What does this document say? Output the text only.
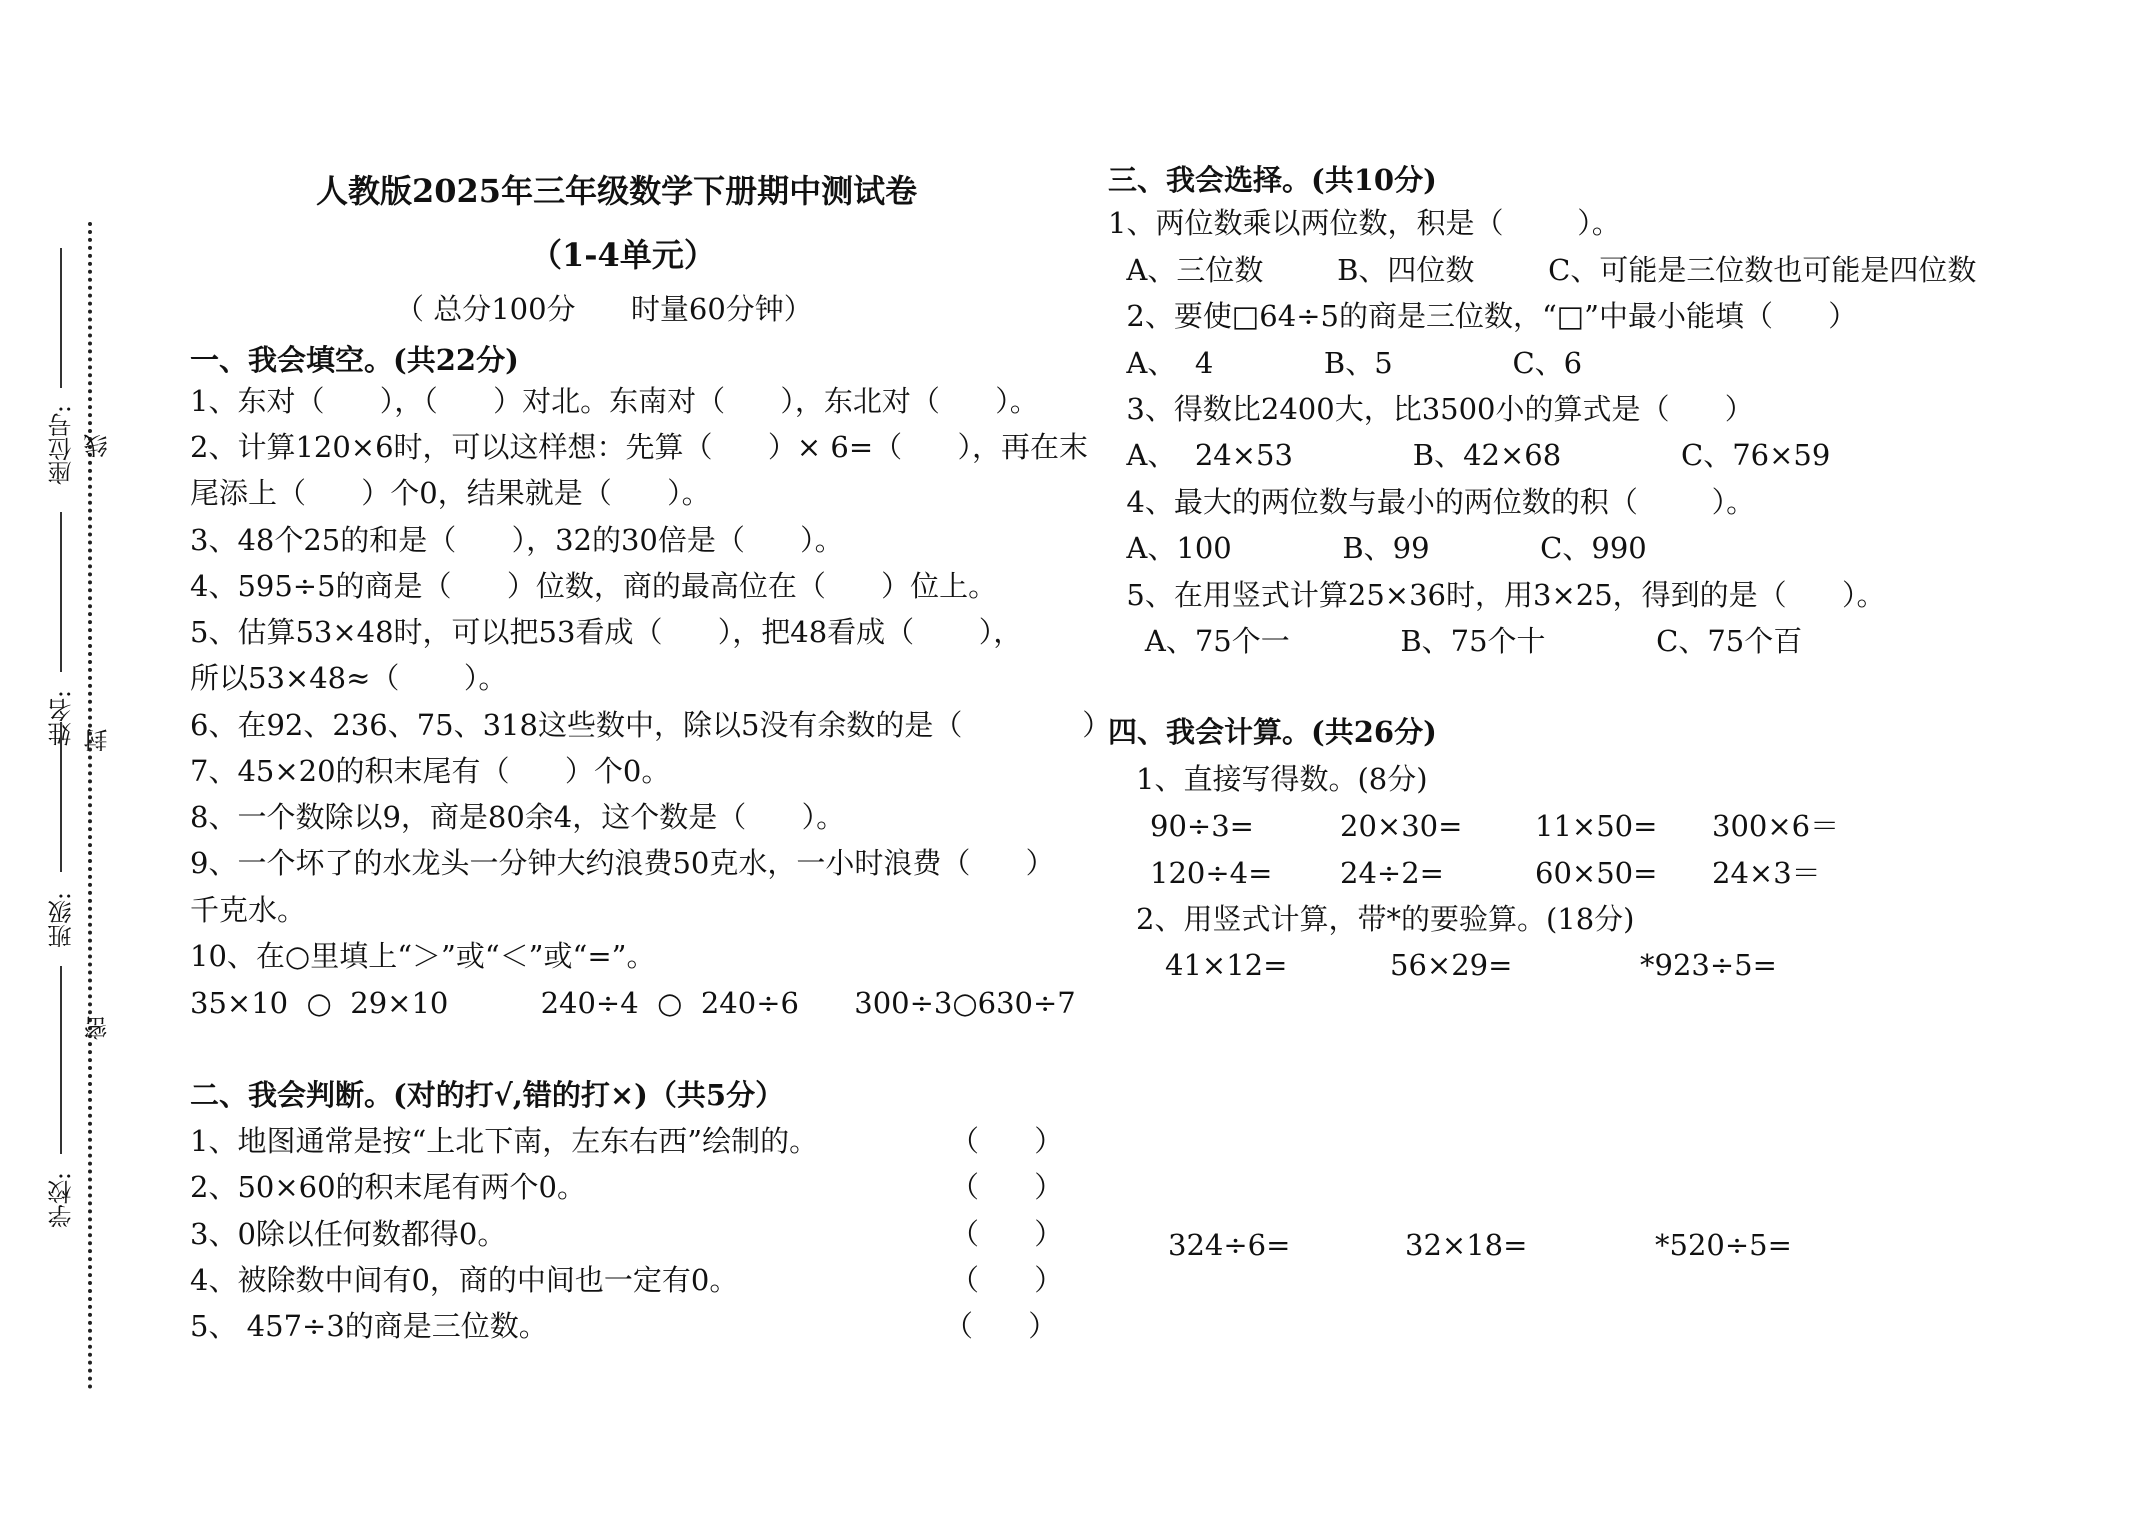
座位号:
姓名:
班级:
学校:
线
封
密
人教版2025年三年级数学下册期中测试卷
（1-4单元）
（ 总分100分      时量60分钟）
一、我会填空。(共22分)
1、东对（      ），（      ）对北。东南对（      ），东北对（      ）。
2、计算120×6时，可以这样想：先算（      ）× 6=（      ），再在末
尾添上（      ）个0，结果就是（      ）。
3、48个25的和是（      ），32的30倍是（      ）。
4、595÷5的商是（      ）位数，商的最高位在（      ）位上。
5、估算53×48时，可以把53看成（      ），把48看成（       ），
所以53×48≈（       ）。
6、在92、236、75、318这些数中，除以5没有余数的是（             ）
7、45×20的积末尾有（      ）个0。
8、一个数除以9，商是80余4，这个数是（      ）。
9、一个坏了的水龙头一分钟大约浪费50克水，一小时浪费（      ）
千克水。
10、在○里填上“＞”或“＜”或“=”。
35×10  ○  29×10          240÷4  ○  240÷6      300÷3○630÷7
二、我会判断。(对的打√,错的打×)（共5分）
1、地图通常是按“上北下南，左东右西”绘制的。	（      ）
2、50×60的积末尾有两个0。	（      ）
3、0除以任何数都得0。	（      ）
4、被除数中间有0，商的中间也一定有0。	（      ）
5、 457÷3的商是三位数。	（      ）
三、我会选择。(共10分)
1、两位数乘以两位数，积是（        ）。
A、三位数        B、四位数        C、可能是三位数也可能是四位数
2、要使□64÷5的商是三位数，“□”中最小能填（      ）
A、  4            B、5             C、6
3、得数比2400大，比3500小的算式是（      ）
A、  24×53             B、42×68             C、76×59
4、最大的两位数与最小的两位数的积（        ）。
A、100            B、99            C、990
5、在用竖式计算25×36时，用3×25，得到的是（      ）。
A、75个一            B、75个十            C、75个百
四、我会计算。(共26分)
1、直接写得数。(8分)
90÷3=	20×30=	11×50= 300×6＝
120÷4= 24÷2=	60×50= 24×3＝
2、用竖式计算，带*的要验算。(18分)
41×12=	56×29=	*923÷5=
324÷6=	32×18=	*520÷5=
